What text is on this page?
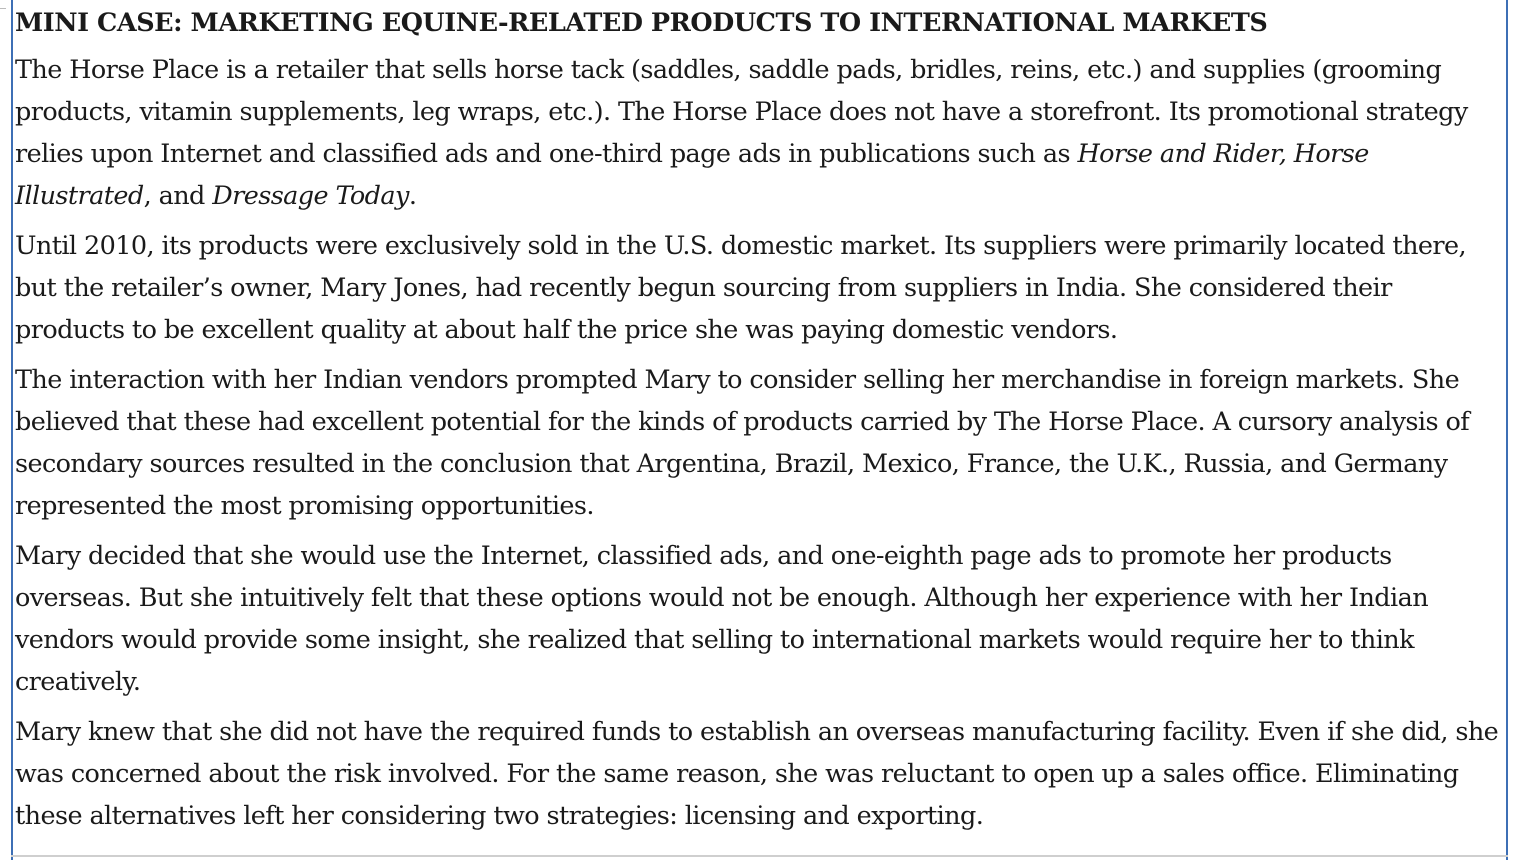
MINI CASE: MARKETING EQUINE-RELATED PRODUCTS TO INTERNATIONAL MARKETS

The Horse Place is a retailer that sells horse tack (saddles, saddle pads, bridles, reins, etc.) and supplies (grooming products, vitamin supplements, leg wraps, etc.). The Horse Place does not have a storefront. Its promotional strategy relies upon Internet and classified ads and one-third page ads in publications such as Horse and Rider, Horse Illustrated, and Dressage Today.

Until 2010, its products were exclusively sold in the U.S. domestic market. Its suppliers were primarily located there, but the retailer’s owner, Mary Jones, had recently begun sourcing from suppliers in India. She considered their products to be excellent quality at about half the price she was paying domestic vendors.

The interaction with her Indian vendors prompted Mary to consider selling her merchandise in foreign markets. She believed that these had excellent potential for the kinds of products carried by The Horse Place. A cursory analysis of secondary sources resulted in the conclusion that Argentina, Brazil, Mexico, France, the U.K., Russia, and Germany represented the most promising opportunities.

Mary decided that she would use the Internet, classified ads, and one-eighth page ads to promote her products overseas. But she intuitively felt that these options would not be enough. Although her experience with her Indian vendors would provide some insight, she realized that selling to international markets would require her to think creatively.

Mary knew that she did not have the required funds to establish an overseas manufacturing facility. Even if she did, she was concerned about the risk involved. For the same reason, she was reluctant to open up a sales office. Eliminating these alternatives left her considering two strategies: licensing and exporting.
